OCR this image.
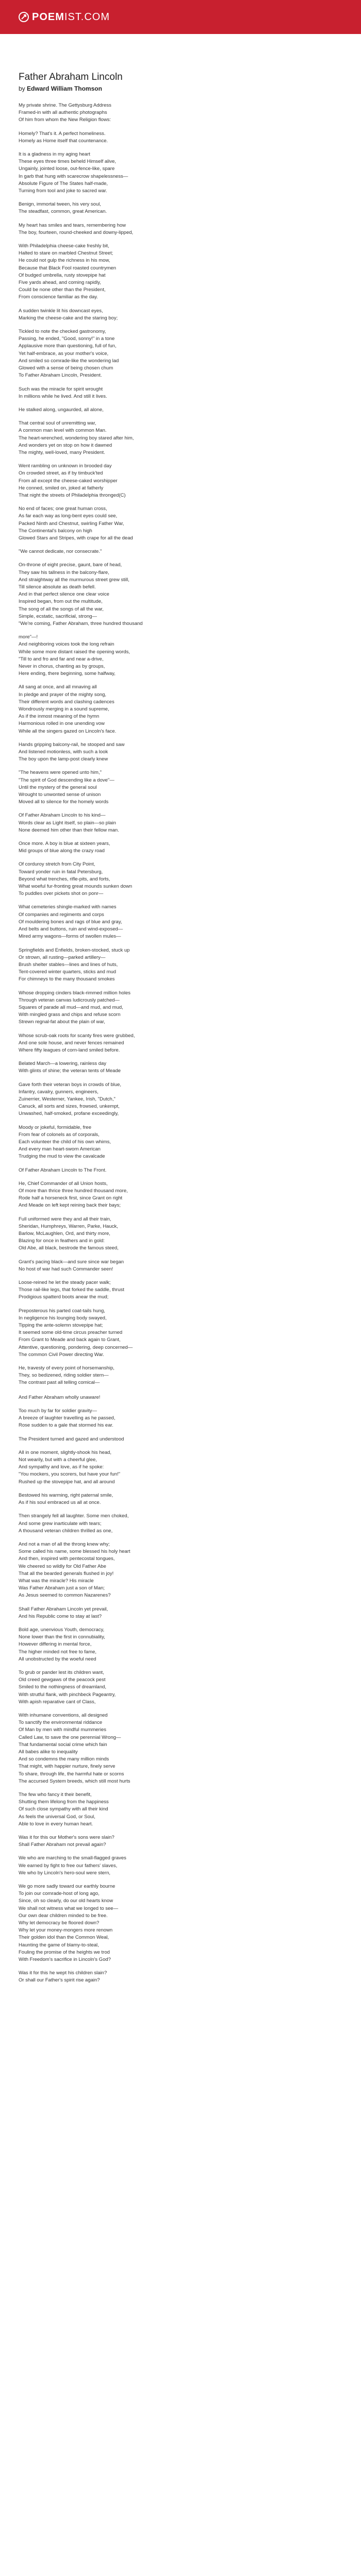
POEM IST.COM
Father Abraham Lincoln
by Edward William Thomson

My private shrine. The Gettysburg Address
Framed-in with all authentic photographs
Of him from whom the New Religion flows:

Homely? That's it. A perfect homeliness.
Homely as Home itself that countenance.

It is a gladness in my aging heart
These eyes three times beheld Himself alive,
Ungainly, jointed loose, out-fence-like, spare
In garb that hung with scarecrow shapelessness—
Absolute Figure of The States half-made,
Turning from tool and joke to sacred war.

Benign, immortal tween, his very soul,
The steadfast, common, great American.

My heart has smiles and tears, remembering how
The boy, fourteen, round-cheeked and downy-lipped,

With Philadelphia cheese-cake freshly bit,
Halted to stare on marbled Chestnut Street;
He could not gulp the richness in his mow,
Because that Black Fool roasted countrymen
Of budged umbrella, rusty stovepipe hat
Five yards ahead, and coming rapidly,
Could be none other than the President,
From conscience familiar as the day.

A sudden twinkle lit his downcast eyes,
Marking the cheese-cake and the staring boy;

Tickled to note the checked gastronomy,
Passing, he ended, "Good, sonny!" in a tone
Applausive more than questioning, full of fun,
Yet half-embrace, as your mother's voice,
And smiled so comrade-like the wondering lad
Glowed with a sense of being chosen chum
To Father Abraham Lincoln, President.

Such was the miracle for spirit wrought
In millions while he lived. And still it lives.

He stalked along, ungaurded, all alone,

That central soul of unremitting war,
A common man level with common Man.
The heart-wrenched, wondering boy stared after him,
And wonders yet on stop on how it dawned
The mighty, well-loved, many President.

Went rambling on unknown in brooded day
On crowded street, as if by timbuck'ted
From all except the cheese-caked worshipper
He conned, smiled on, joked at fatherly
That night the streets of Philadelphia thronged(C)

No end of faces; one great human cross,
As far each way as long-bent eyes could see,
Packed Ninth and Chestnut, swirling Father War,
The Continental's balcony on high
Glowed Stars and Stripes, with crape for all the dead

"We cannot dedicate, nor consecrate."

On-throne of eight precise, gaunt, bare of head,
They saw his tallness in the balcony-flare,
And straightway all the murmurous street grew still,
Till silence absolute as death befell.
And in that perfect silence one clear voice
Inspired began, from out the multitude,
The song of all the songs of all the war,
Simple, ecstatic, sacrificial, strong—
"We're coming, Father Abraham, three hundred thousand

more"—!
And neighboring voices took the long refrain
While some more distant raised the opening words,
"Till to and fro and far and near a-drive,
Never in chorus, chanting as by groups,
Here ending, there beginning, some halfway,

All sang at once, and all mnaving all
In pledge and prayer of the mighty song,
Their different words and clashing cadences
Wondrously merging in a sound supreme,
As if the inmost meaning of the hymn
Harmonious rolled in one unending vow
While all the singers gazed on Lincoln's face.

Hands gripping balcony-rail, he stooped and saw
And listened motionless, with such a look
The boy upon the lamp-post clearly knew

"The heavens were opened unto him,"
"The spirit of God descending like a dove"—
Until the mystery of the general soul
Wrought to unwonted sense of unison
Moved all to silence for the homely words

Of Father Abraham Lincoln to his kind—
Words clear as Light itself, so plain—so plain
None deemed him other than their fellow man.

Once more. A boy is blue at sixteen years,
Mid groups of blue along the crazy road

Of corduroy stretch from City Point,
Toward yonder ruin in fatal Petersburg,
Beyond what trenches, rifle-pits, and forts,
What woeful fur-fronting great mounds sunken down
To puddles over pickets shot on ponr—

What cemeteries shingle-marked with names
Of companies and regiments and corps
Of mouldering bones and rags of blue and gray,
And belts and buttons, ruin and wind-exposed—
Mired army wagons—forms of swollen mules—

Springfields and Enfields, broken-stocked, stuck up
Or strown, all rusting—parked artillery—
Brush shelter stables—lines and lines of huts,
Tent-covered winter quarters, sticks and mud
For chimneys to the many thousand smokes

Whose dropping cinders black-rimmed million holes
Through veteran canvas ludicrously patched—
Squares of parade all mud—and mud, and mud,
With mingled grass and chips and refuse scorn
Strewn regnal-fat about the plain of war,

Whose scrub-oak roots for scanty fires were grubbed,
And one sole house, and never fences remained
Where fifty leagues of corn-land smiled before.

Belated March—a lowering, rainless day
With glints of shine; the veteran tents of Meade

Gave forth their veteran boys in crowds of blue,
Infantry, cavalry, gunners, engineers,
Zuinerrier, Westerner, Yankee, Irish, "Dutch,"
Canuck, all sorts and sizes, frowsed, unkempt,
Unwashed, half-smoked, profane exceedingly,

Moody or jokeful, formidable, free
From fear of colonels as of corporals,
Each volunteer the child of his own whims,
And every man heart-sworn American
Trudging the mud to view the cavalcade

Of Father Abraham Lincoln to The Front.

He, Chief Commander of all Union hosts,
Of more than thrice three hundred thousand more,
Rode half a horseneck first, since Grant on right
And Meade on left kept reining back their bays;

Full uniformed were they and all their train,
Sheridan, Humphreys, Warren, Parke, Hauck,
Barlow, McLaughlen, Ord, and thirty more,
Blazing for once in feathers and in gold:
Old Abe, all black, bestrode the famous steed,

Grant's pacing black—and sure since war began
No host of war had such Commander seen!

Loose-reined he let the steady pacer walk;
Those rail-like legs, that forked the saddle, thrust
Prodigious spatterd boots anear the mud;

Preposterous his parted coat-tails hung,
In negligence his lounging body swayed,
Tipping the ante-solemn stovepipe hat;
It seemed some old-time circus preacher turned
From Grant to Meade and back again to Grant,
Attentive, questioning, pondering, deep concerned—
The common Civil Power directing War.

He, travesty of every point of horsemanship,
They, so bedizened, riding soldier stern—
The contrast past all telling comical—

And Father Abraham wholly unaware!

Too much by far for soldier gravity—
A breeze of laughter travelling as he passed,
Rose sudden to a gale that stormed his ear.

The President turned and gazed and understood

All in one moment, slightly-shook his head,
Not wearily, but with a cheerful glee,
And sympathy and love, as if he spoke:
"You mockers, you scorers, but have your fun!"
Rushed up the stovepipe hat, and all around

Bestowed his warming, right paternal smile,
As if his soul embraced us all at once.

Then strangely fell all laughter. Some men choked,
And some grew inarticulate with tears;
A thousand veteran children thrilled as one,

And not a man of all the throng knew why;
Some called his name, some blessed his holy heart
And then, inspired with pentecostal tongues,
We cheered so wildly for Old Father Abe
That all the bearded generals flushed in joy!
What was the miracle? His miracle
Was Father Abraham just a son of Man;
As Jesus seemed to common Nazarenes?

Shall Father Abraham Lincoln yet prevail,
And his Republic come to stay at last?

Bold age, unenvious Youth, democracy,
None lower than the first in connubiality,
However differing in mental force,
The higher minded not free to fame,
All unobstructed by the woeful need

To grub or pander lest its children want,
Old creed gewgaws of the peacock pest
Smiled to the nothingness of dreamland,
With strutful flank, with pinchbeck Pageantry,
With apish reparative cant of Class,

With inhumane conventions, all designed
To sanctify the environmental riddance
Of Man by men with mindful mummeries
Called Law, to save the one perennial Wrong—
That fundamental social crime which fain
All babes alike to inequality
And so condemns the many million minds
That might, with happier nurture, finely serve
To share, through life, the harmful hate or scorns
The accursed System breeds, which still most hurts

The few who fancy it their benefit,
Shutting them lifelong from the happiness
Of such close sympathy with all their kind
As feels the universal God, or Soul,
Able to love in every human heart.

Was it for this our Mother's sons were slain?
Shall Father Abraham not prevail again?

We who are marching to the small-flagged graves
We earned by fight to free our fathers' slaves,
We who by Lincoln's hero-soul were stern,

We go more sadly toward our earthly bourne
To join our comrade-host of long ago,
Since, oh so clearly, do our old hearts know
We shall not witness what we longed to see—
Our own dear children minded to be free.
Why let democracy be floored down?
Why let your money-mongers more renown
Their golden idol than the Common Weal,
Haunting the game of blamy-to-steal,
Fouling the promise of the heights we trod
With Freedom's sacrifice in Lincoln's God?

Was it for this he wept his children slain?
Or shall our Father's spirit rise again?
